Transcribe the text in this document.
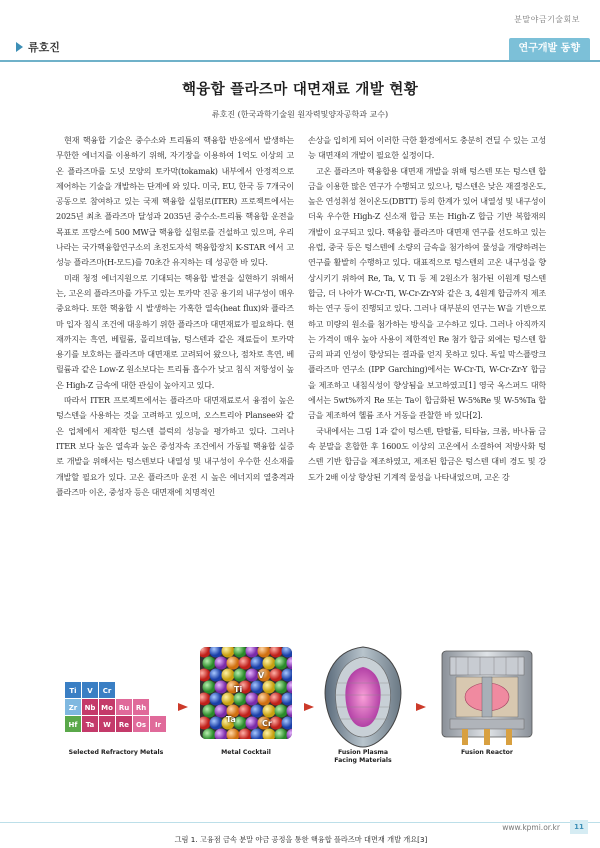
분말야금기술회보
류호진	연구개발 동향
핵융합 플라즈마 대면재료 개발 현황
류호진 (한국과학기술원 원자력및양자공학과 교수)

현재 핵융합 기술은 중수소와 트리튬의 핵융합 반응에서 발생하는 무한한 에너지를 이용하기 위해, 자기장을 이용하여 1억도 이상의 고온 플라즈마를 도넛 모양의 토카막(tokamak) 내부에서 안정적으로 제어하는 기술을 개발하는 단계에 와 있다. 미국, EU, 한국 등 7개국이 공동으로 참여하고 있는 국제 핵융합 실험로(ITER) 프로젝트에서는 2025년 최초 플라즈마 달성과 2035년 중수소-트리튬 핵융합 운전을 목표로 프랑스에 500 MW급 핵융합 실험로를 건설하고 있으며, 우리나라는 국가핵융합연구소의 초전도자석 핵융합장치 K-STAR 에서 고성능 플라즈마(H-모드)를 70초간 유지하는 데 성공한 바 있다.

미래 청정 에너지원으로 기대되는 핵융합 발전을 실현하기 위해서는, 고온의 플라즈마를 가두고 있는 토카막 진공 용기의 내구성이 매우 중요하다. 또한 핵융합 시 발생하는 가혹한 열속(heat flux)와 플라즈마 입자 침식 조건에 대응하기 위한 플라즈마 대면재료가 필요하다. 현재까지는 흑연, 베릴륨, 몰리브데늄, 텅스텐과 같은 재료들이 토카막 용기를 보호하는 플라즈마 대면재로 고려되어 왔으나, 점차로 흑연, 베릴륨과 같은 Low-Z 원소보다는 트리튬 흡수가 낮고 침식 저항성이 높은 High-Z 금속에 대한 관심이 높아지고 있다.

따라서 ITER 프로젝트에서는 플라즈마 대면재료로서 융점이 높은 텅스텐을 사용하는 것을 고려하고 있으며, 오스트리아 Plansee와 같은 업체에서 제작한 텅스텐 블럭의 성능을 평가하고 있다. 그러나 ITER 보다 높은 열속과 높은 중성자속 조건에서 가동될 핵융합 실증로 개발을 위해서는 텅스텐보다 내열성 및 내구성이 우수한 신소재를 개발할 필요가 있다. 고온 플라즈마 운전 시 높은 에너지의 열충격과 플라즈마 이온, 중성자 등은 대면재에 치명적인

손상을 입히게 되어 이러한 극한 환경에서도 충분히 견딜 수 있는 고성능 대면재의 개발이 필요한 실정이다.

고온 플라즈마 핵융합용 대면재 개발을 위해 텅스텐 또는 텅스텐 합금을 이용한 많은 연구가 수행되고 있으나, 텅스텐은 낮은 재결정온도, 높은 연성취성 천이온도(DBTT) 등의 한계가 있어 내열성 및 내구성이 더욱 우수한 High-Z 신소재 합금 또는 High-Z 합금 기반 복합재의 개발이 요구되고 있다. 핵융합 플라즈마 대면재 연구를 선도하고 있는 유럽, 중국 등은 텅스텐에 소량의 금속을 첨가하여 물성을 개량하려는 연구를 활발히 수행하고 있다. 대표적으로 텅스텐의 고온 내구성을 향상시키기 위하여 Re, Ta, V, Ti 등 제 2원소가 첨가된 이원계 텅스텐 합금, 더 나아가 W-Cr-Ti, W-Cr-Zr-Y와 같은 3, 4원계 합금까지 제조하는 연구 등이 진행되고 있다. 그러나 대부분의 연구는 W을 기반으로 하고 미량의 원소를 첨가하는 방식을 고수하고 있다. 그러나 아직까지는 가격이 매우 높아 사용이 제한적인 Re 첨가 합금 외에는 텅스텐 합금의 파괴 인성이 향상되는 결과를 얻지 못하고 있다. 독일 막스플랑크 플라즈마 연구소 (IPP Garching)에서는 W-Cr-Ti, W-Cr-Zr-Y 합금을 제조하고 내침식성이 향상됨을 보고하였고[1] 영국 옥스퍼드 대학에서는 5wt%까지 Re 또는 Ta이 합금화된 W-5%Re 및 W-5%Ta 합금을 제조하여 헬륨 조사 거동을 관찰한 바 있다[2].

국내에서는 그림 1과 같이 텅스텐, 탄탈륨, 티타늄, 크롬, 바나듐 금속 분말을 혼합한 후 1600도 이상의 고온에서 소결하여 저방사화 텅스텐 기반 합금을 제조하였고, 제조된 합금은 텅스텐 대비 경도 및 강도가 2배 이상 향상된 기계적 물성을 나타내었으며, 고온 강

Ti	V	Cr
Zr	Nb Mo Ru Rh
Hf	Ta	W	Re Os	Ir
Selected Refractory Metals
V
Ti
Ta	Cr
Metal Cocktail	Fusion Plasma
Facing Materials
Fusion Reactor
그림 1. 고융점 금속 분말 야금 공정을 통한 핵융합 플라즈마 대면재 개발 개요[3]
www.kpmi.or.kr	11
